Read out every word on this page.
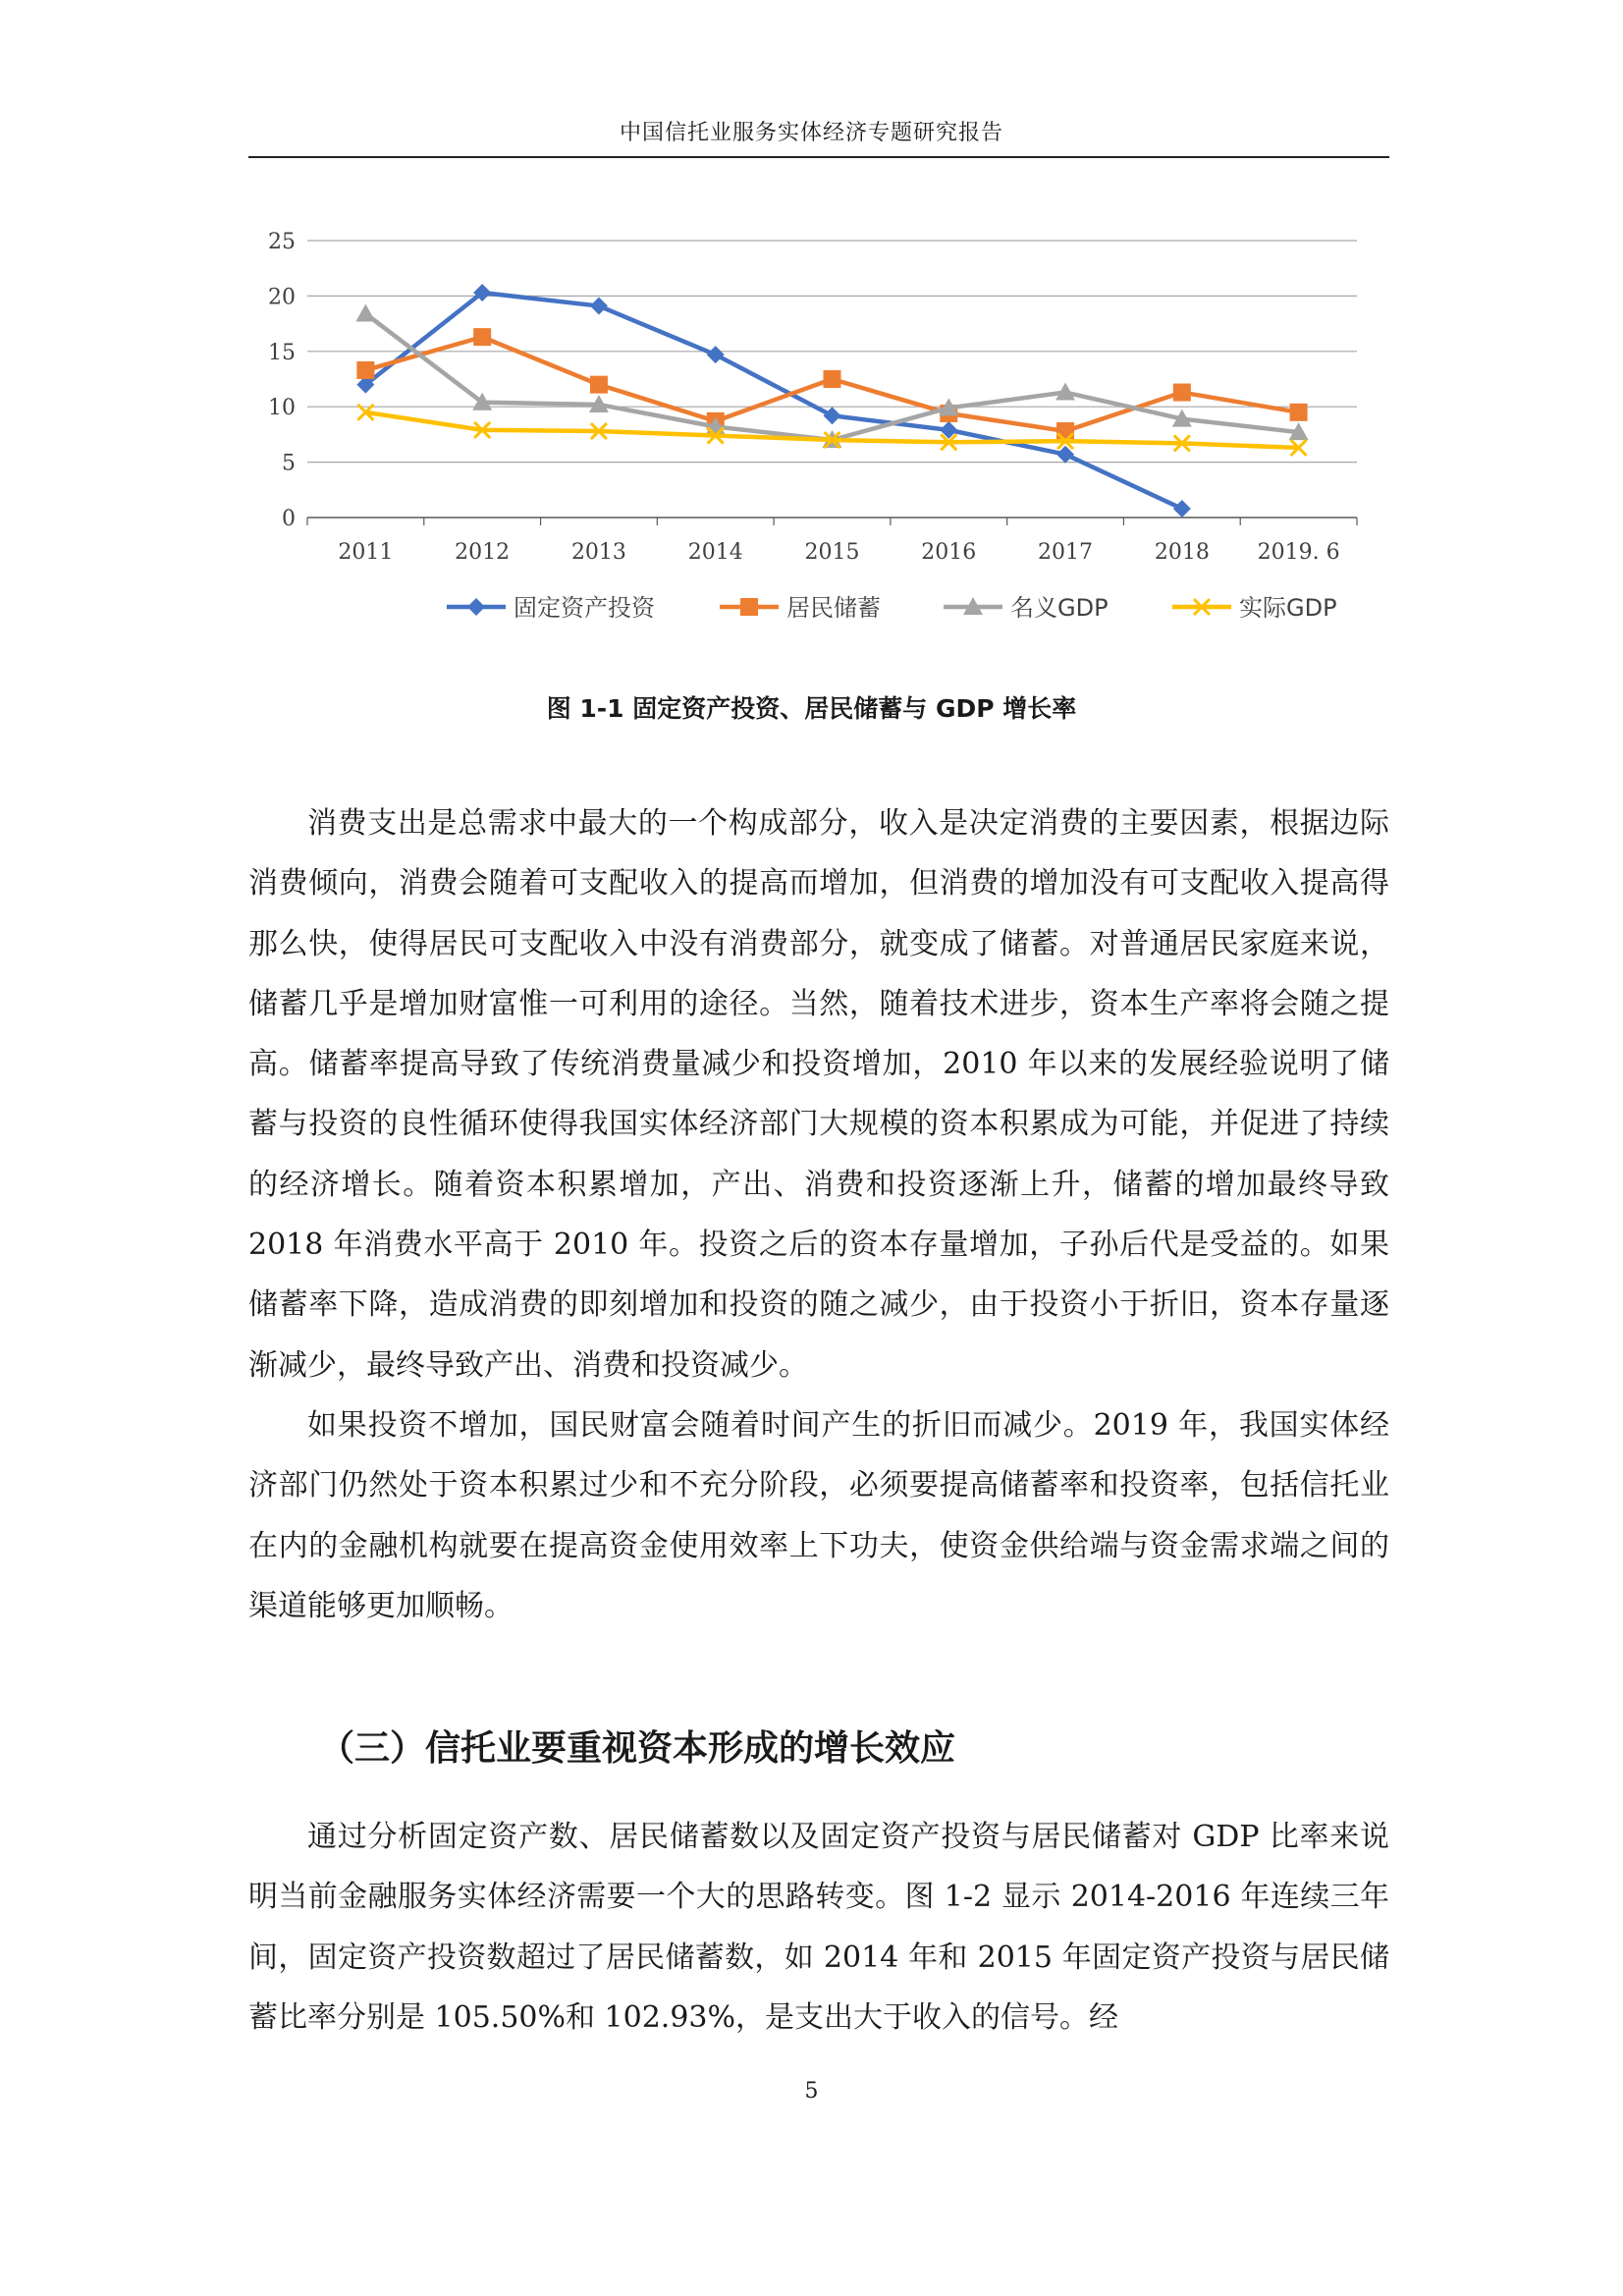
中国信托业服务实体经济专题研究报告
0
5
10
15
20
25
2011	2012	2013	2014	2015	2016	2017	2018 2019. 6
固定资产投资	居民储蓄	名义GDP	实际GDP
图 1-1 固定资产投资、居民储蓄与 GDP 增长率

消费支出是总需求中最大的一个构成部分，收入是决定消费的主要因素，根据边际消费倾向，消费会随着可支配收入的提高而增加，但消费的增加没有可支配收入提高得那么快，使得居民可支配收入中没有消费部分，就变成了储蓄。对普通居民家庭来说，储蓄几乎是增加财富惟一可利用的途径。当然，随着技术进步，资本生产率将会随之提高。储蓄率提高导致了传统消费量减少和投资增加，2010 年以来的发展经验说明了储蓄与投资的良性循环使得我国实体经济部门大规模的资本积累成为可能，并促进了持续的经济增长。随着资本积累增加，产出、消费和投资逐渐上升，储蓄的增加最终导致 2018 年消费水平高于 2010 年。投资之后的资本存量增加，子孙后代是受益的。如果储蓄率下降，造成消费的即刻增加和投资的随之减少，由于投资小于折旧，资本存量逐渐减少，最终导致产出、消费和投资减少。

如果投资不增加，国民财富会随着时间产生的折旧而减少。2019 年，我国实体经济部门仍然处于资本积累过少和不充分阶段，必须要提高储蓄率和投资率，包括信托业在内的金融机构就要在提高资金使用效率上下功夫，使资金供给端与资金需求端之间的渠道能够更加顺畅。

（三）信托业要重视资本形成的增长效应

通过分析固定资产数、居民储蓄数以及固定资产投资与居民储蓄对 GDP 比率来说明当前金融服务实体经济需要一个大的思路转变。图 1-2 显示 2014-2016 年连续三年间，固定资产投资数超过了居民储蓄数，如 2014 年和 2015 年固定资产投资与居民储蓄比率分别是 105.50%和 102.93%，是支出大于收入的信号。经

5
